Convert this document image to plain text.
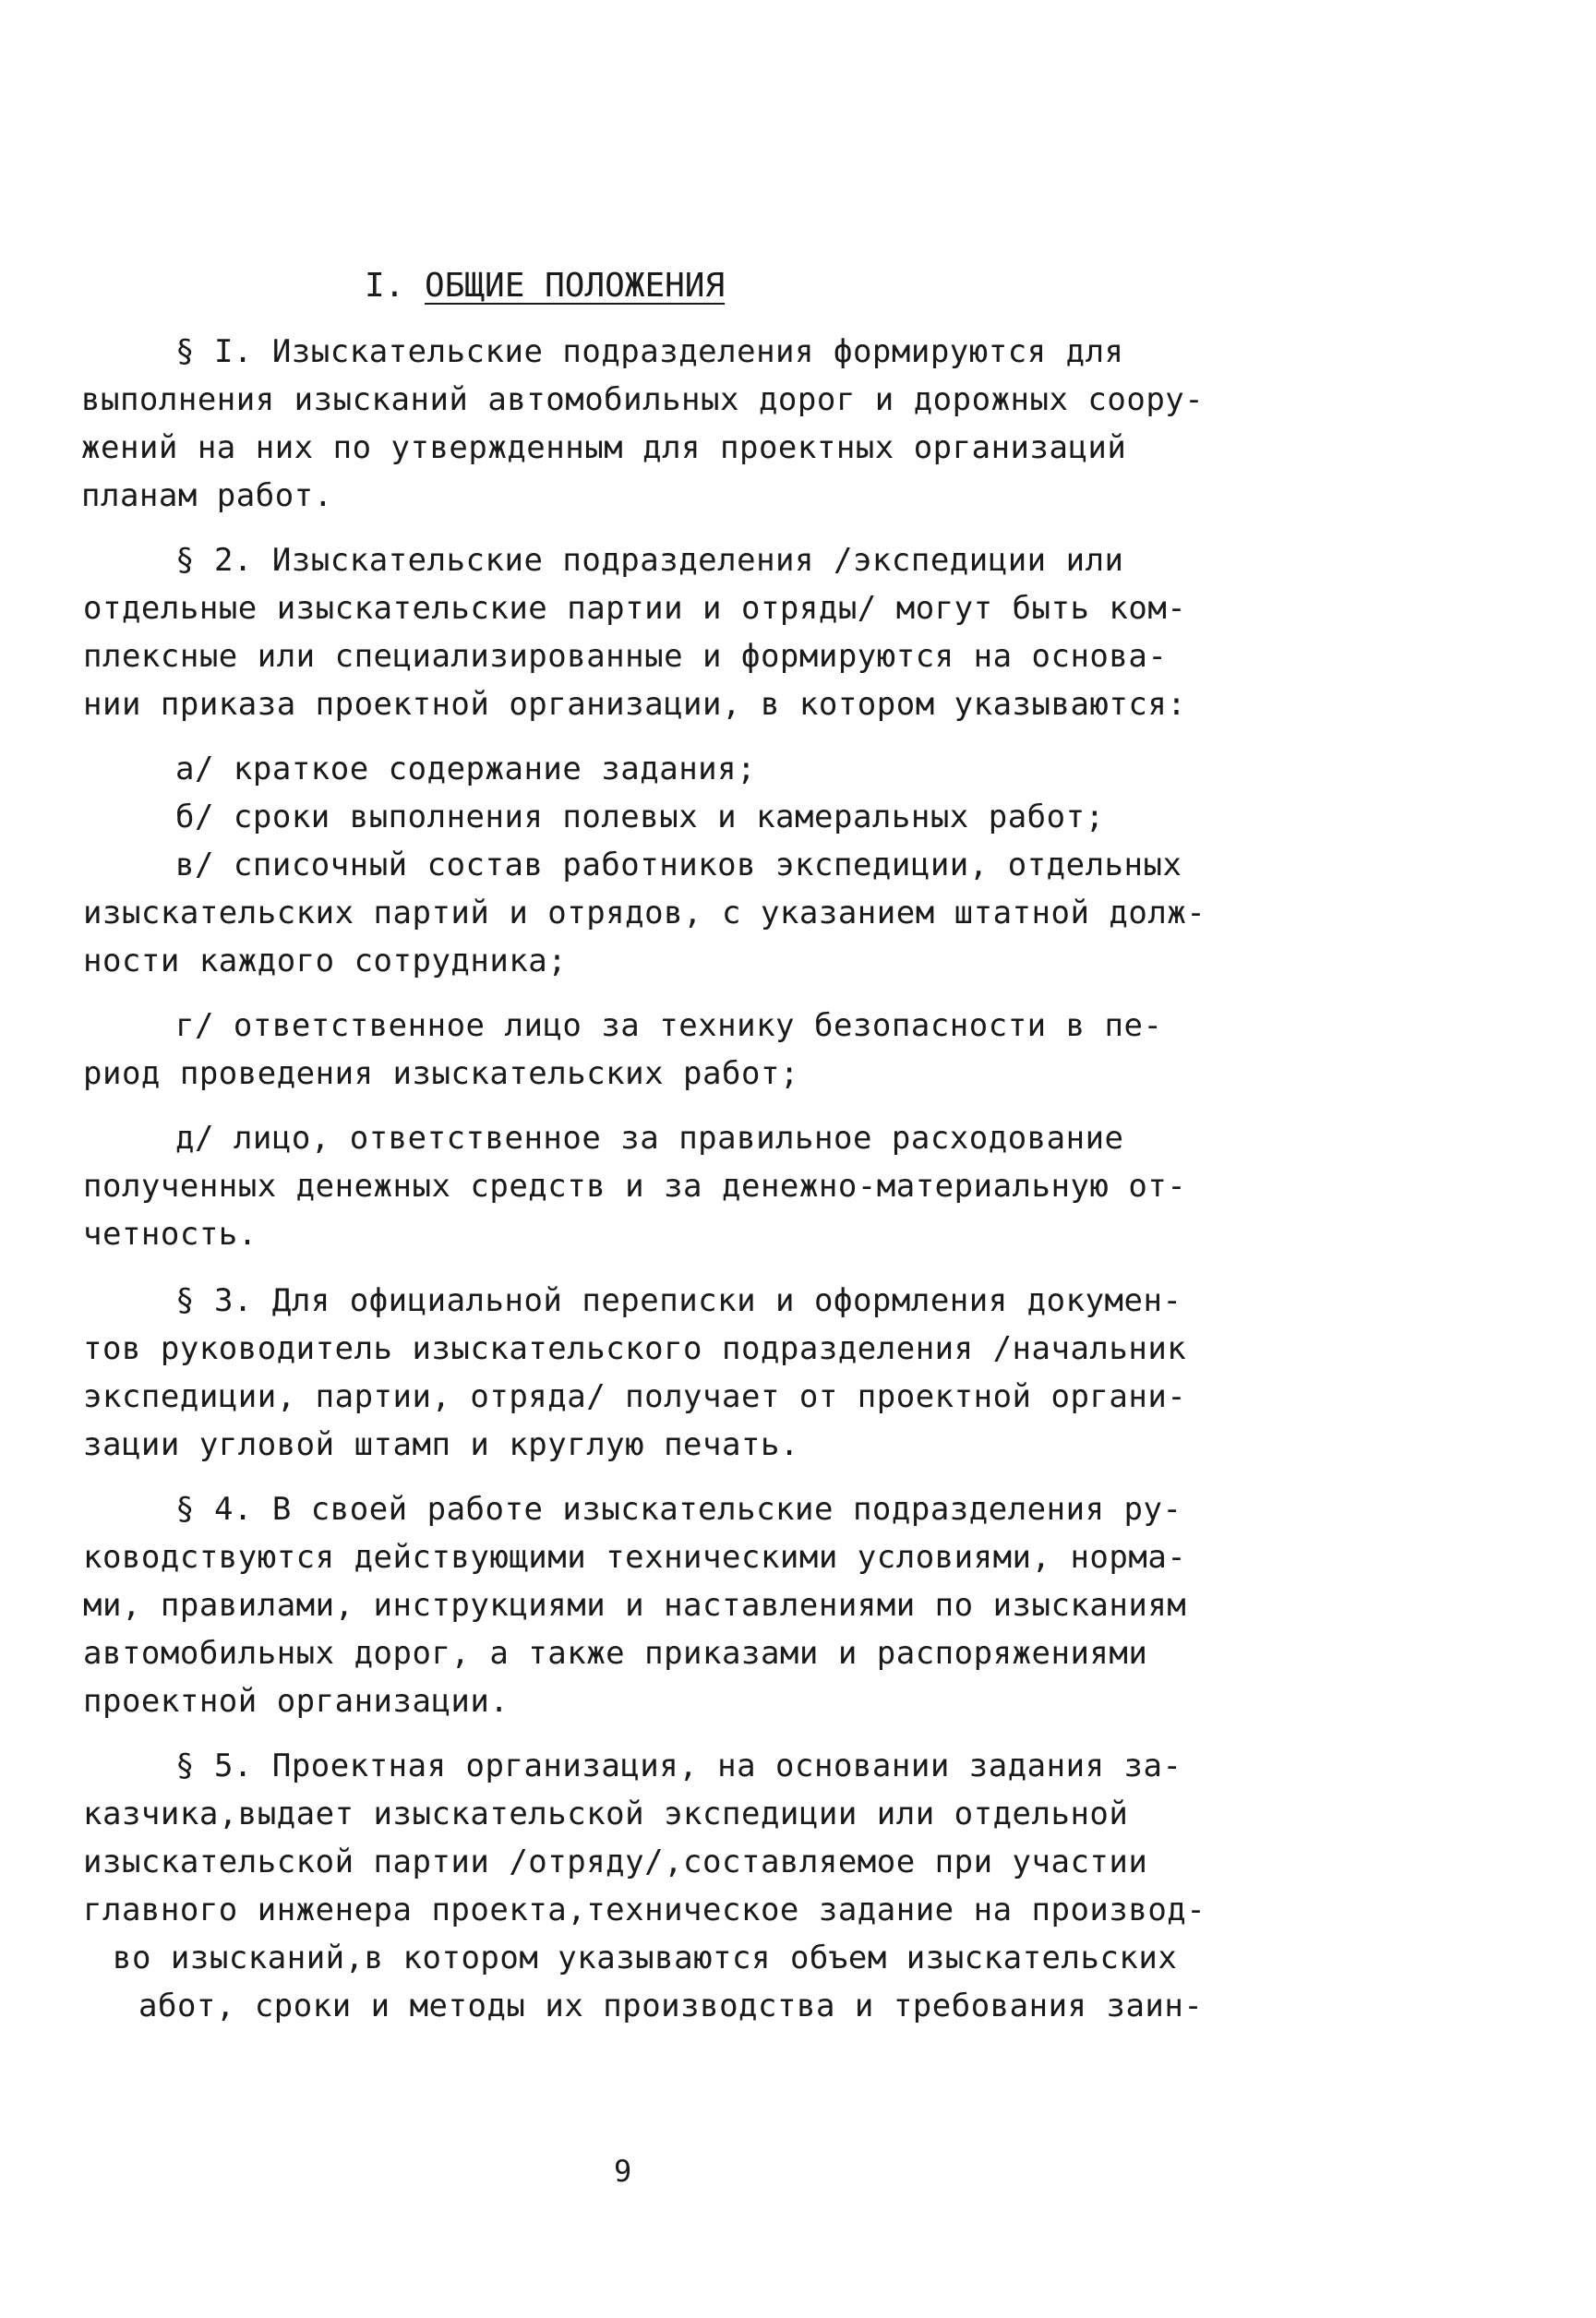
I. ОБЩИЕ ПОЛОЖЕНИЯ
§ I. Изыскательские подразделения формируются для
выполнения изысканий автомобильных дорог и дорожных соору-
жений на них по утвержденным для проектных организаций
планам работ.
§ 2. Изыскательские подразделения /экспедиции или
отдельные изыскательские партии и отряды/ могут быть ком-
плексные или специализированные и формируются на основа-
нии приказа проектной организации, в котором указываются:
а/ краткое содержание задания;
б/ сроки выполнения полевых и камеральных работ;
в/ списочный состав работников экспедиции, отдельных
изыскательских партий и отрядов, с указанием штатной долж-
ности каждого сотрудника;
г/ ответственное лицо за технику безопасности в пе-
риод проведения изыскательских работ;
д/ лицо, ответственное за правильное расходование
полученных денежных средств и за денежно-материальную от-
четность.
§ 3. Для официальной переписки и оформления докумен-
тов руководитель изыскательского подразделения /начальник
экспедиции, партии, отряда/ получает от проектной органи-
зации угловой штамп и круглую печать.
§ 4. В своей работе изыскательские подразделения ру-
ководствуются действующими техническими условиями, норма-
ми, правилами, инструкциями и наставлениями по изысканиям
автомобильных дорог, а также приказами и распоряжениями
проектной организации.
§ 5. Проектная организация, на основании задания за-
казчика,выдает изыскательской экспедиции или отдельной
изыскательской партии /отряду/,составляемое при участии
главного инженера проекта,техническое задание на производ-
во изысканий,в котором указываются объем изыскательских
абот, сроки и методы их производства и требования заин-
9
